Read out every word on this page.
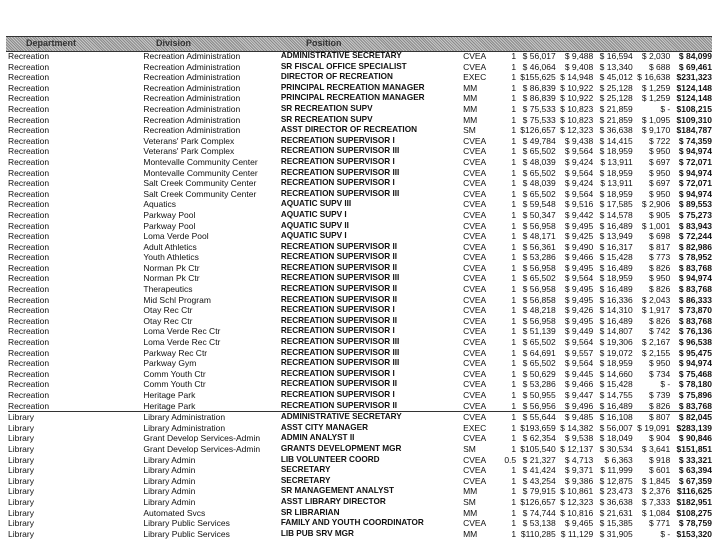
Department	Division	Position
Recreation	Recreation Administration	ADMINISTRATIVE SECRETARY	CVEA	1	$ 56,017	$ 9,488	$ 16,594	$ 2,030	$ 84,099
Recreation	Recreation Administration	SR FISCAL OFFICE SPECIALIST	CVEA	1	$ 46,064	$ 9,408	$ 13,340	$ 688	$ 69,461
Recreation	Recreation Administration	DIRECTOR OF RECREATION	EXEC	1	$155,625	$ 14,948	$ 45,012	$ 16,638	$231,323
Recreation	Recreation Administration	PRINCIPAL RECREATION MANAGER	MM	1	$ 86,839	$ 10,922	$ 25,128	$ 1,259	$124,148
Recreation	Recreation Administration	PRINCIPAL RECREATION MANAGER	MM	1	$ 86,839	$ 10,922	$ 25,128	$ 1,259	$124,148
Recreation	Recreation Administration	SR RECREATION SUPV	MM	1	$ 75,533	$ 10,823	$ 21,859	$ -	$108,215
Recreation	Recreation Administration	SR RECREATION SUPV	MM	1	$ 75,533	$ 10,823	$ 21,859	$ 1,095	$109,310
Recreation	Recreation Administration	ASST DIRECTOR OF RECREATION	SM	1	$126,657	$ 12,323	$ 36,638	$ 9,170	$184,787
Recreation	Veterans' Park Complex	RECREATION SUPERVISOR I	CVEA	1	$ 49,784	$ 9,438	$ 14,415	$ 722	$ 74,359
Recreation	Veterans' Park Complex	RECREATION SUPERVISOR III	CVEA	1	$ 65,502	$ 9,564	$ 18,959	$ 950	$ 94,974
Recreation	Montevalle Community Center	RECREATION SUPERVISOR I	CVEA	1	$ 48,039	$ 9,424	$ 13,911	$ 697	$ 72,071
Recreation	Montevalle Community Center	RECREATION SUPERVISOR III	CVEA	1	$ 65,502	$ 9,564	$ 18,959	$ 950	$ 94,974
Recreation	Salt Creek Community Center	RECREATION SUPERVISOR I	CVEA	1	$ 48,039	$ 9,424	$ 13,911	$ 697	$ 72,071
Recreation	Salt Creek Community Center	RECREATION SUPERVISOR III	CVEA	1	$ 65,502	$ 9,564	$ 18,959	$ 950	$ 94,974
Recreation	Aquatics	AQUATIC SUPV III	CVEA	1	$ 59,548	$ 9,516	$ 17,585	$ 2,906	$ 89,553
Recreation	Parkway Pool	AQUATIC SUPV I	CVEA	1	$ 50,347	$ 9,442	$ 14,578	$ 905	$ 75,273
Recreation	Parkway Pool	AQUATIC SUPV II	CVEA	1	$ 56,958	$ 9,495	$ 16,489	$ 1,001	$ 83,943
Recreation	Loma Verde Pool	AQUATIC SUPV I	CVEA	1	$ 48,171	$ 9,425	$ 13,949	$ 698	$ 72,244
Recreation	Adult Athletics	RECREATION SUPERVISOR II	CVEA	1	$ 56,361	$ 9,490	$ 16,317	$ 817	$ 82,986
Recreation	Youth Athletics	RECREATION SUPERVISOR II	CVEA	1	$ 53,286	$ 9,466	$ 15,428	$ 773	$ 78,952
Recreation	Norman Pk Ctr	RECREATION SUPERVISOR II	CVEA	1	$ 56,958	$ 9,495	$ 16,489	$ 826	$ 83,768
Recreation	Norman Pk Ctr	RECREATION SUPERVISOR III	CVEA	1	$ 65,502	$ 9,564	$ 18,959	$ 950	$ 94,974
Recreation	Therapeutics	RECREATION SUPERVISOR II	CVEA	1	$ 56,958	$ 9,495	$ 16,489	$ 826	$ 83,768
Recreation	Mid Schl Program	RECREATION SUPERVISOR II	CVEA	1	$ 56,858	$ 9,495	$ 16,336	$ 2,043	$ 86,333
Recreation	Otay Rec Ctr	RECREATION SUPERVISOR I	CVEA	1	$ 48,218	$ 9,426	$ 14,310	$ 1,917	$ 73,870
Recreation	Otay Rec Ctr	RECREATION SUPERVISOR II	CVEA	1	$ 56,958	$ 9,495	$ 16,489	$ 826	$ 83,768
Recreation	Loma Verde Rec Ctr	RECREATION SUPERVISOR I	CVEA	1	$ 51,139	$ 9,449	$ 14,807	$ 742	$ 76,136
Recreation	Loma Verde Rec Ctr	RECREATION SUPERVISOR III	CVEA	1	$ 65,502	$ 9,564	$ 19,306	$ 2,167	$ 96,538
Recreation	Parkway Rec Ctr	RECREATION SUPERVISOR III	CVEA	1	$ 64,691	$ 9,557	$ 19,072	$ 2,155	$ 95,475
Recreation	Parkway Gym	RECREATION SUPERVISOR III	CVEA	1	$ 65,502	$ 9,564	$ 18,959	$ 950	$ 94,974
Recreation	Comm Youth Ctr	RECREATION SUPERVISOR I	CVEA	1	$ 50,629	$ 9,445	$ 14,660	$ 734	$ 75,468
Recreation	Comm Youth Ctr	RECREATION SUPERVISOR II	CVEA	1	$ 53,286	$ 9,466	$ 15,428	$ -	$ 78,180
Recreation	Heritage Park	RECREATION SUPERVISOR I	CVEA	1	$ 50,955	$ 9,447	$ 14,755	$ 739	$ 75,896
Recreation	Heritage Park	RECREATION SUPERVISOR II	CVEA	1	$ 56,956	$ 9,496	$ 16,489	$ 826	$ 83,768
Library	Library Administration	ADMINISTRATIVE SECRETARY	CVEA	1	$ 55,644	$ 9,485	$ 16,108	$ 807	$ 82,045
Library	Library Administration	ASST CITY MANAGER	EXEC	1	$193,659	$ 14,382	$ 56,007	$ 19,091	$283,139
Library	Grant Develop Services-Admin	ADMIN ANALYST II	CVEA	1	$ 62,354	$ 9,538	$ 18,049	$ 904	$ 90,846
Library	Grant Develop Services-Admin	GRANTS DEVELOPMENT MGR	SM	1	$105,540	$ 12,137	$ 30,534	$ 3,641	$151,851
Library	Library Admin	LIB VOLUNTEER COORD	CVEA	0.5	$ 21,327	$ 4,713	$ 6,363	$ 918	$ 33,321
Library	Library Admin	SECRETARY	CVEA	1	$ 41,424	$ 9,371	$ 11,999	$ 601	$ 63,394
Library	Library Admin	SECRETARY	CVEA	1	$ 43,254	$ 9,386	$ 12,875	$ 1,845	$ 67,359
Library	Library Admin	SR MANAGEMENT ANALYST	MM	1	$ 79,915	$ 10,861	$ 23,473	$ 2,376	$116,625
Library	Library Admin	ASST LIBRARY DIRECTOR	SM	1	$126,657	$ 12,323	$ 36,638	$ 7,333	$182,951
Library	Automated Svcs	SR LIBRARIAN	MM	1	$ 74,744	$ 10,816	$ 21,631	$ 1,084	$108,275
Library	Library Public Services	FAMILY AND YOUTH COORDINATOR	CVEA	1	$ 53,138	$ 9,465	$ 15,385	$ 771	$ 78,759
Library	Library Public Services	LIB PUB SRV MGR	MM	1	$110,285	$ 11,129	$ 31,905	$ -	$153,320
